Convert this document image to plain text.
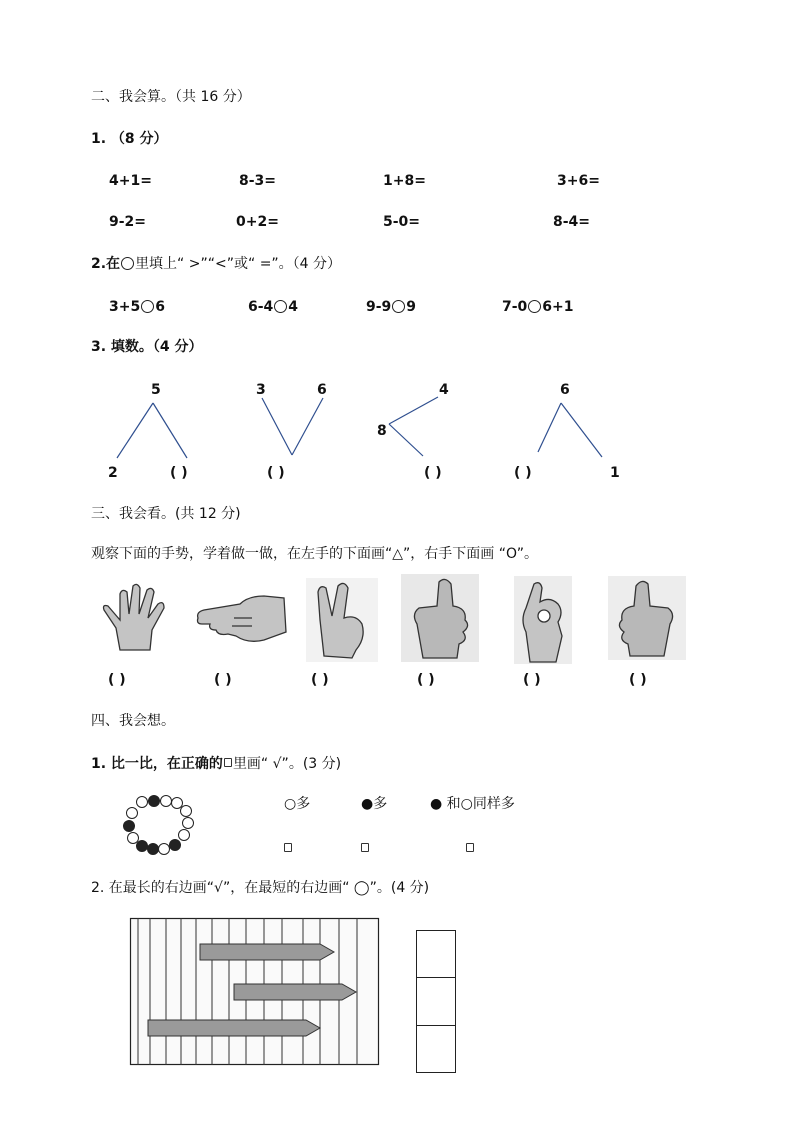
二、我会算。（共 16 分）
1. （8 分）
4+1=	8-3=	1+8=	3+6=
9-2=	0+2=	5-0=	8-4=
2.在 里填上“ >”“<”或“ =”。（4 分）
3+5 6	6-4 4	9-9 9	7-0 6+1
3. 填数。（4 分）
5
2	( )
3	6
( )
4
8
( )
6
( )	1
三、我会看。(共 12 分)
观察下面的手势，学着做一做，在左手的下面画“△”，右手下面画 “O”。
( )	( )	( )	( )	( )	( )
四、我会想。
1. 比一比，在正确的 里画“ √”。(3 分)
○多	●多	● 和○同样多
2. 在最长的右边画“√”，在最短的右边画“ ◯”。(4 分)
